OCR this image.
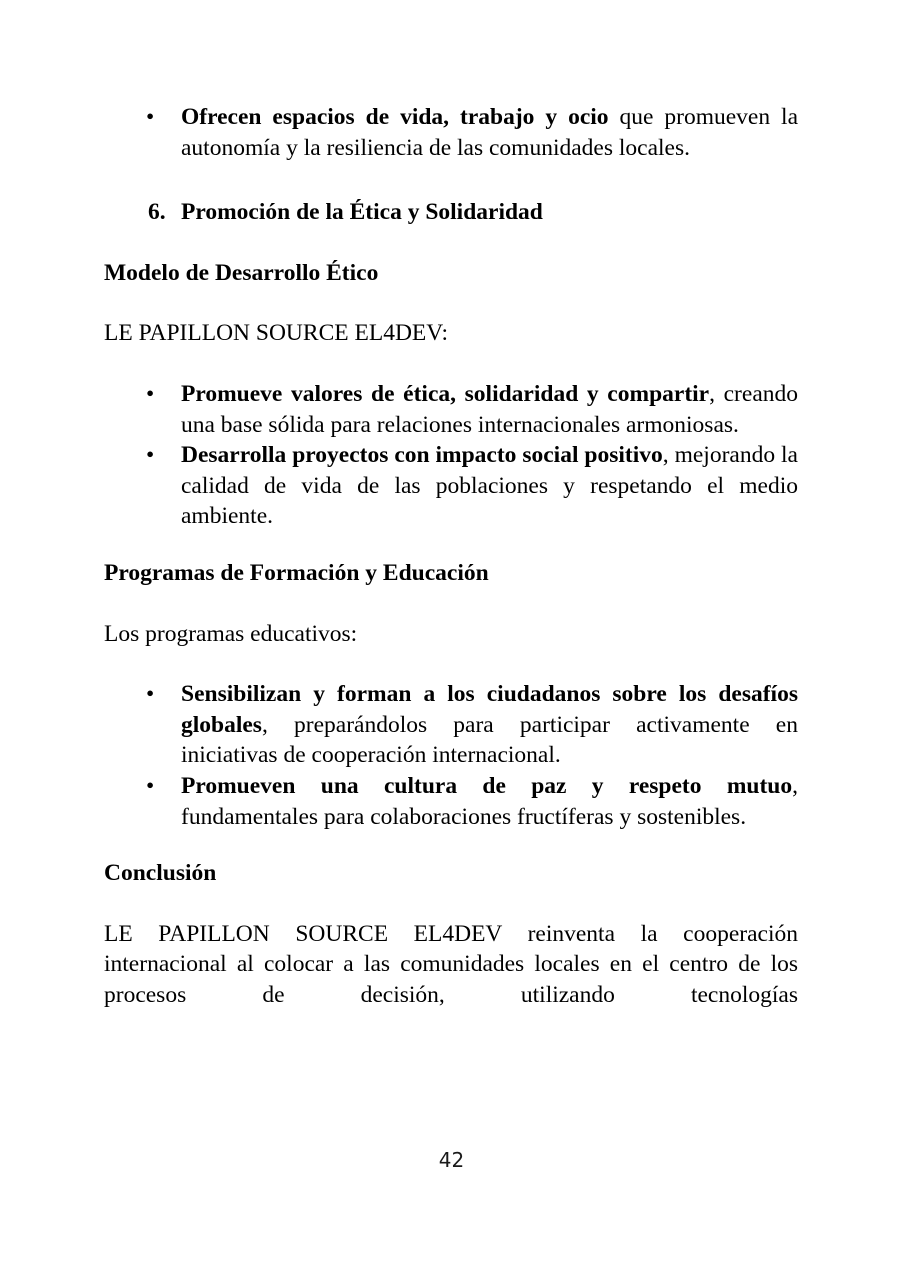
• Ofrecen espacios de vida, trabajo y ocio que promueven la autonomía y la resiliencia de las comunidades locales.
6. Promoción de la Ética y Solidaridad
Modelo de Desarrollo Ético

LE PAPILLON SOURCE EL4DEV:

• Promueve valores de ética, solidaridad y compartir, creando una base sólida para relaciones internacionales armoniosas.
• Desarrolla proyectos con impacto social positivo, mejorando la calidad de vida de las poblaciones y respetando el medio ambiente.
Programas de Formación y Educación

Los programas educativos:

• Sensibilizan y forman a los ciudadanos sobre los desafíos globales, preparándolos para participar activamente en iniciativas de cooperación internacional.
• Promueven una cultura de paz y respeto mutuo, fundamentales para colaboraciones fructíferas y sostenibles.
Conclusión

LE PAPILLON SOURCE EL4DEV reinventa la cooperación internacional al colocar a las comunidades locales en el centro de los procesos de decisión, utilizando tecnologías

42
